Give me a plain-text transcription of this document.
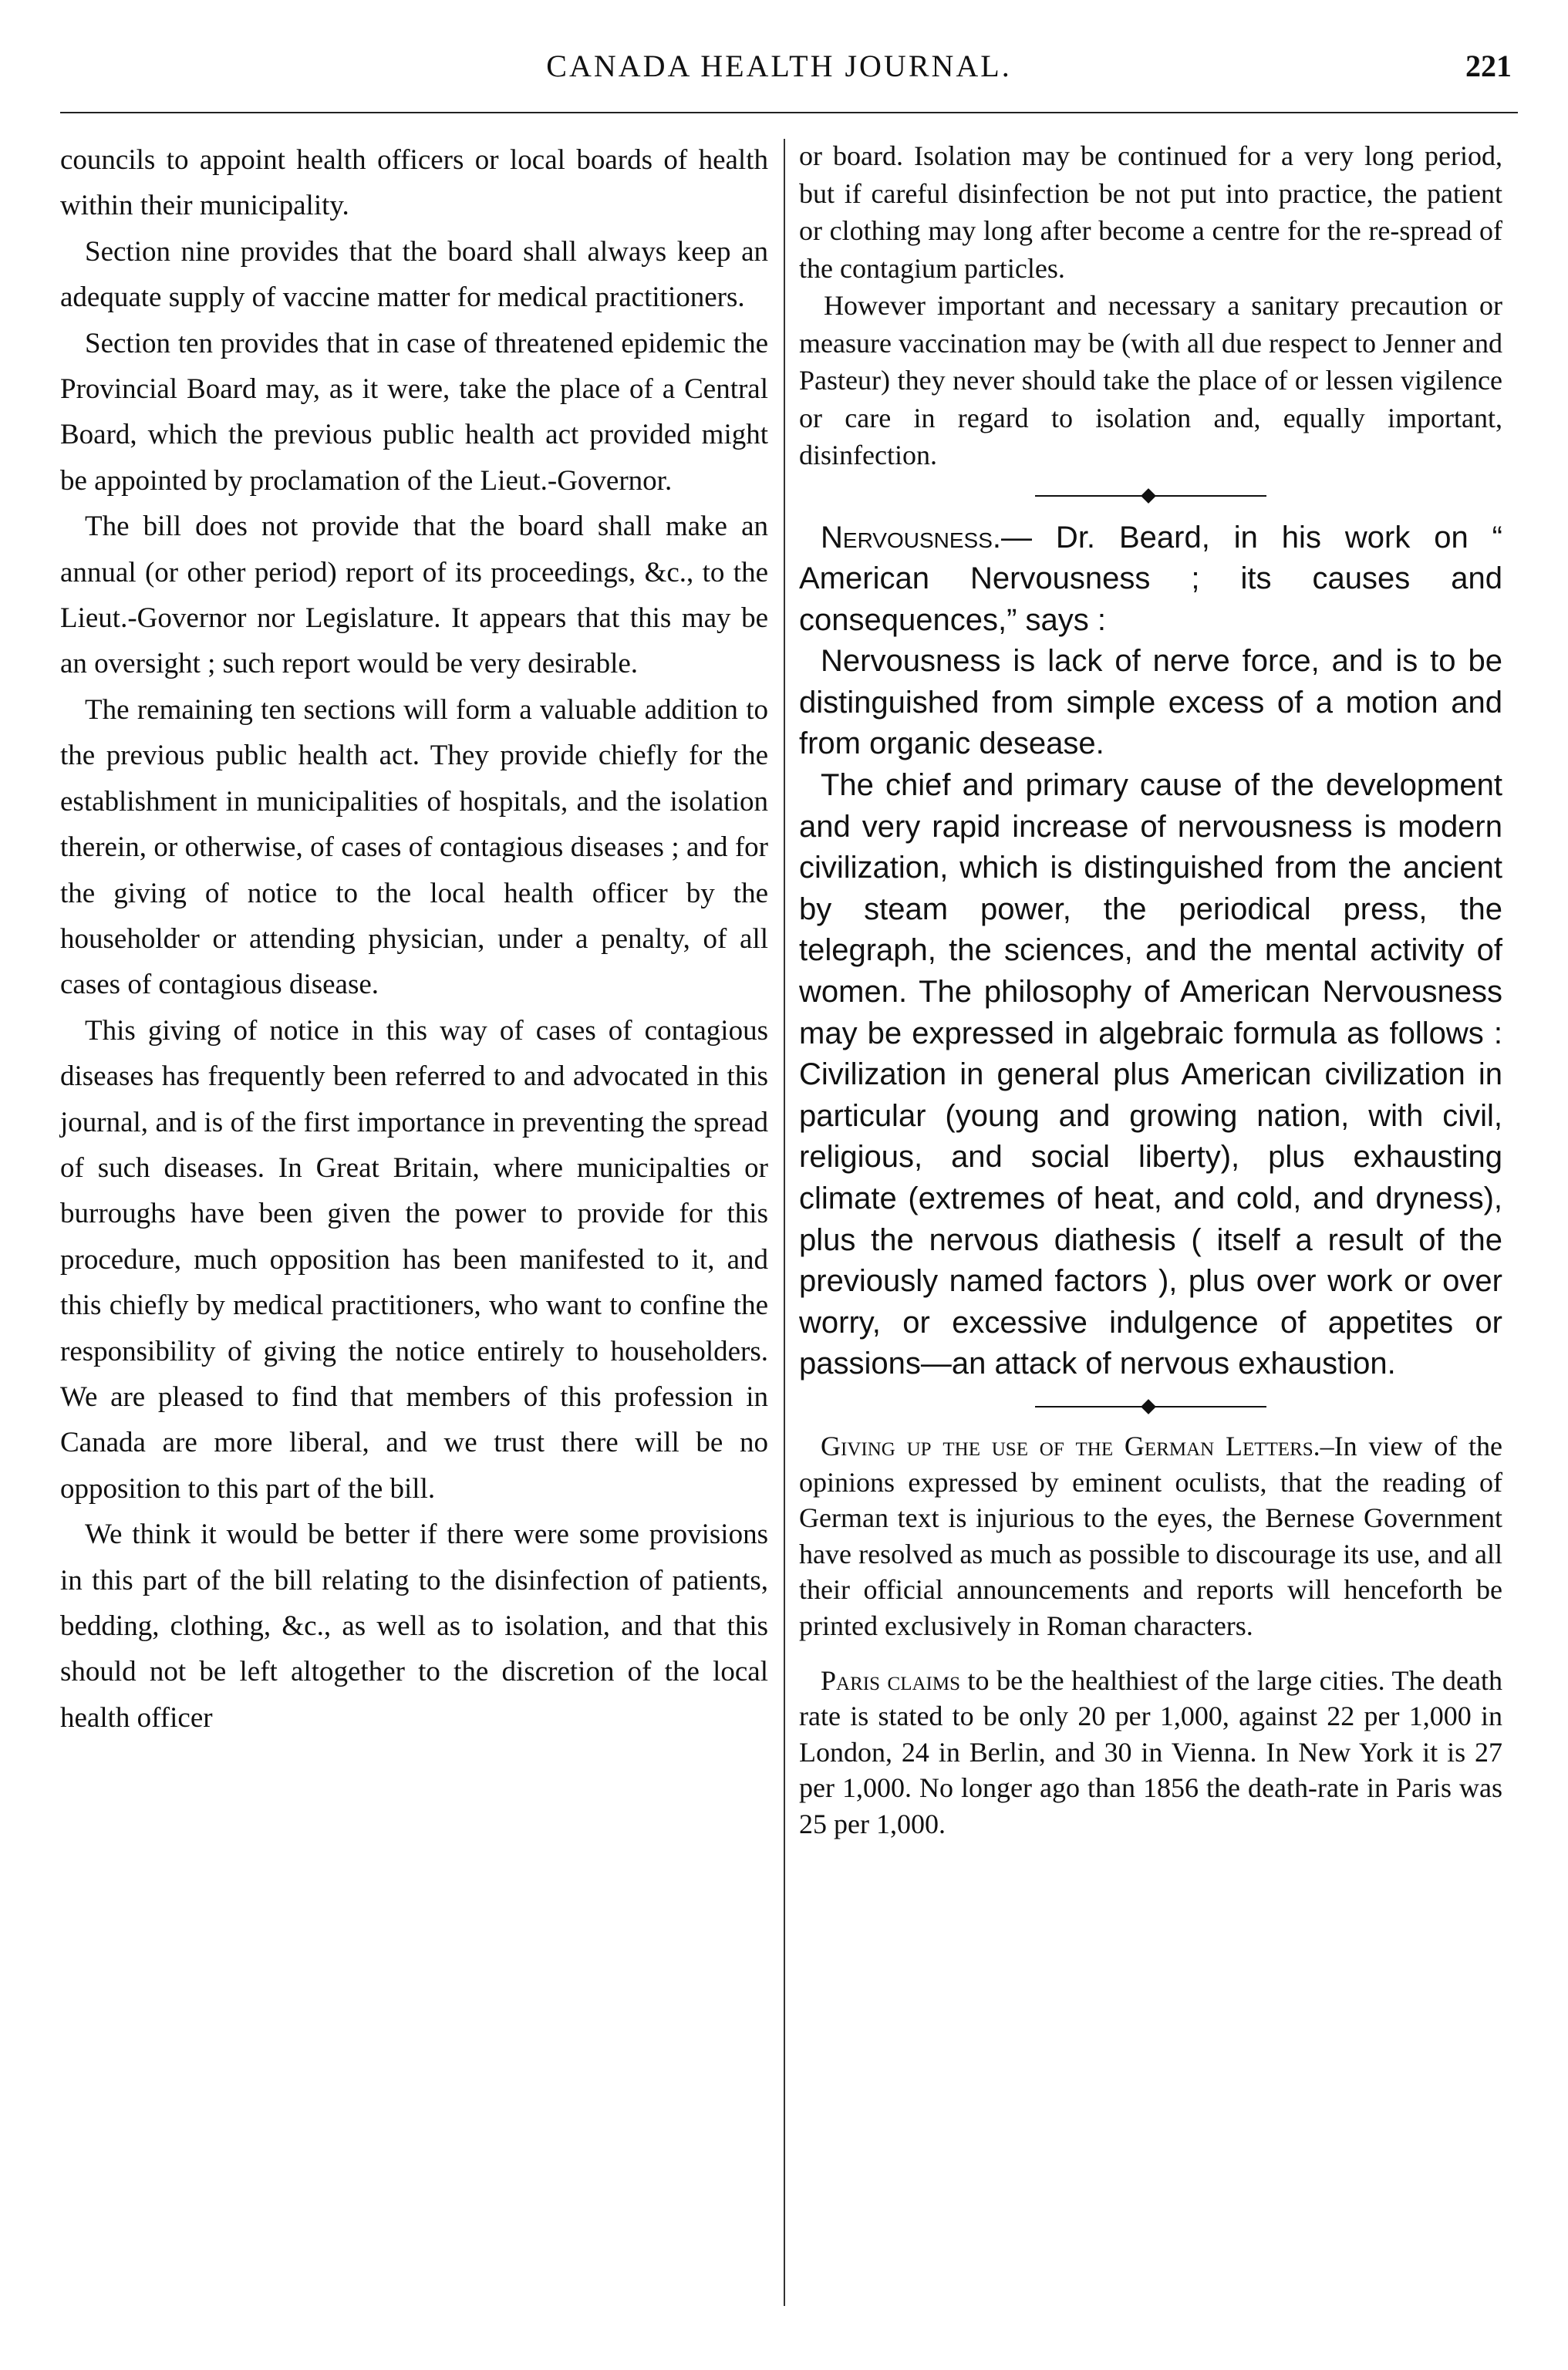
CANADA HEALTH JOURNAL.	221

councils to appoint health officers or local boards of health within their municipality.

Section nine provides that the board shall always keep an adequate supply of vaccine matter for medical practitioners.

Section ten provides that in case of threatened epidemic the Provincial Board may, as it were, take the place of a Central Board, which the previous public health act provided might be appointed by proclamation of the Lieut.-Governor.

The bill does not provide that the board shall make an annual (or other period) report of its proceedings, &c., to the Lieut.-Governor nor Legislature. It appears that this may be an oversight ; such report would be very desirable.

The remaining ten sections will form a valuable addition to the previous public health act. They provide chiefly for the establishment in municipalities of hospitals, and the isolation therein, or otherwise, of cases of contagious diseases ; and for the giving of notice to the local health officer by the householder or attending physician, under a penalty, of all cases of contagious disease.

This giving of notice in this way of cases of contagious diseases has frequently been referred to and advocated in this journal, and is of the first importance in preventing the spread of such diseases. In Great Britain, where municipalties or burroughs have been given the power to provide for this procedure, much opposition has been manifested to it, and this chiefly by medical practitioners, who want to confine the responsibility of giving the notice entirely to householders. We are pleased to find that members of this profession in Canada are more liberal, and we trust there will be no opposition to this part of the bill.

We think it would be better if there were some provisions in this part of the bill relating to the disinfection of patients, bedding, clothing, &c., as well as to isolation, and that this should not be left altogether to the discretion of the local health officer

or board. Isolation may be continued for a very long period, but if careful disinfection be not put into practice, the patient or clothing may long after become a centre for the re-spread of the contagium particles.

However important and necessary a sanitary precaution or measure vaccination may be (with all due respect to Jenner and Pasteur) they never should take the place of or lessen vigilence or care in regard to isolation and, equally important, disinfection.

Nervousness.— Dr. Beard, in his work on “ American Nervousness ; its causes and consequences,” says :

Nervousness is lack of nerve force, and is to be distinguished from simple excess of a motion and from organic desease.

The chief and primary cause of the development and very rapid increase of nervousness is modern civilization, which is distinguished from the ancient by steam power, the periodical press, the telegraph, the sciences, and the mental activity of women. The philosophy of American Nervousness may be expressed in algebraic formula as follows : Civilization in general plus American civilization in particular (young and growing nation, with civil, religious, and social liberty), plus exhausting climate (extremes of heat, and cold, and dryness), plus the nervous diathesis ( itself a result of the previously named factors ), plus over work or over worry, or excessive indulgence of appetites or passions—an attack of nervous exhaustion.

Giving up the use of the German Letters.–In view of the opinions expressed by eminent oculists, that the reading of German text is injurious to the eyes, the Bernese Government have resolved as much as possible to discourage its use, and all their official announcements and reports will henceforth be printed exclusively in Roman characters.

Paris claims to be the healthiest of the large cities. The death rate is stated to be only 20 per 1,000, against 22 per 1,000 in London, 24 in Berlin, and 30 in Vienna. In New York it is 27 per 1,000. No longer ago than 1856 the death-rate in Paris was 25 per 1,000.
